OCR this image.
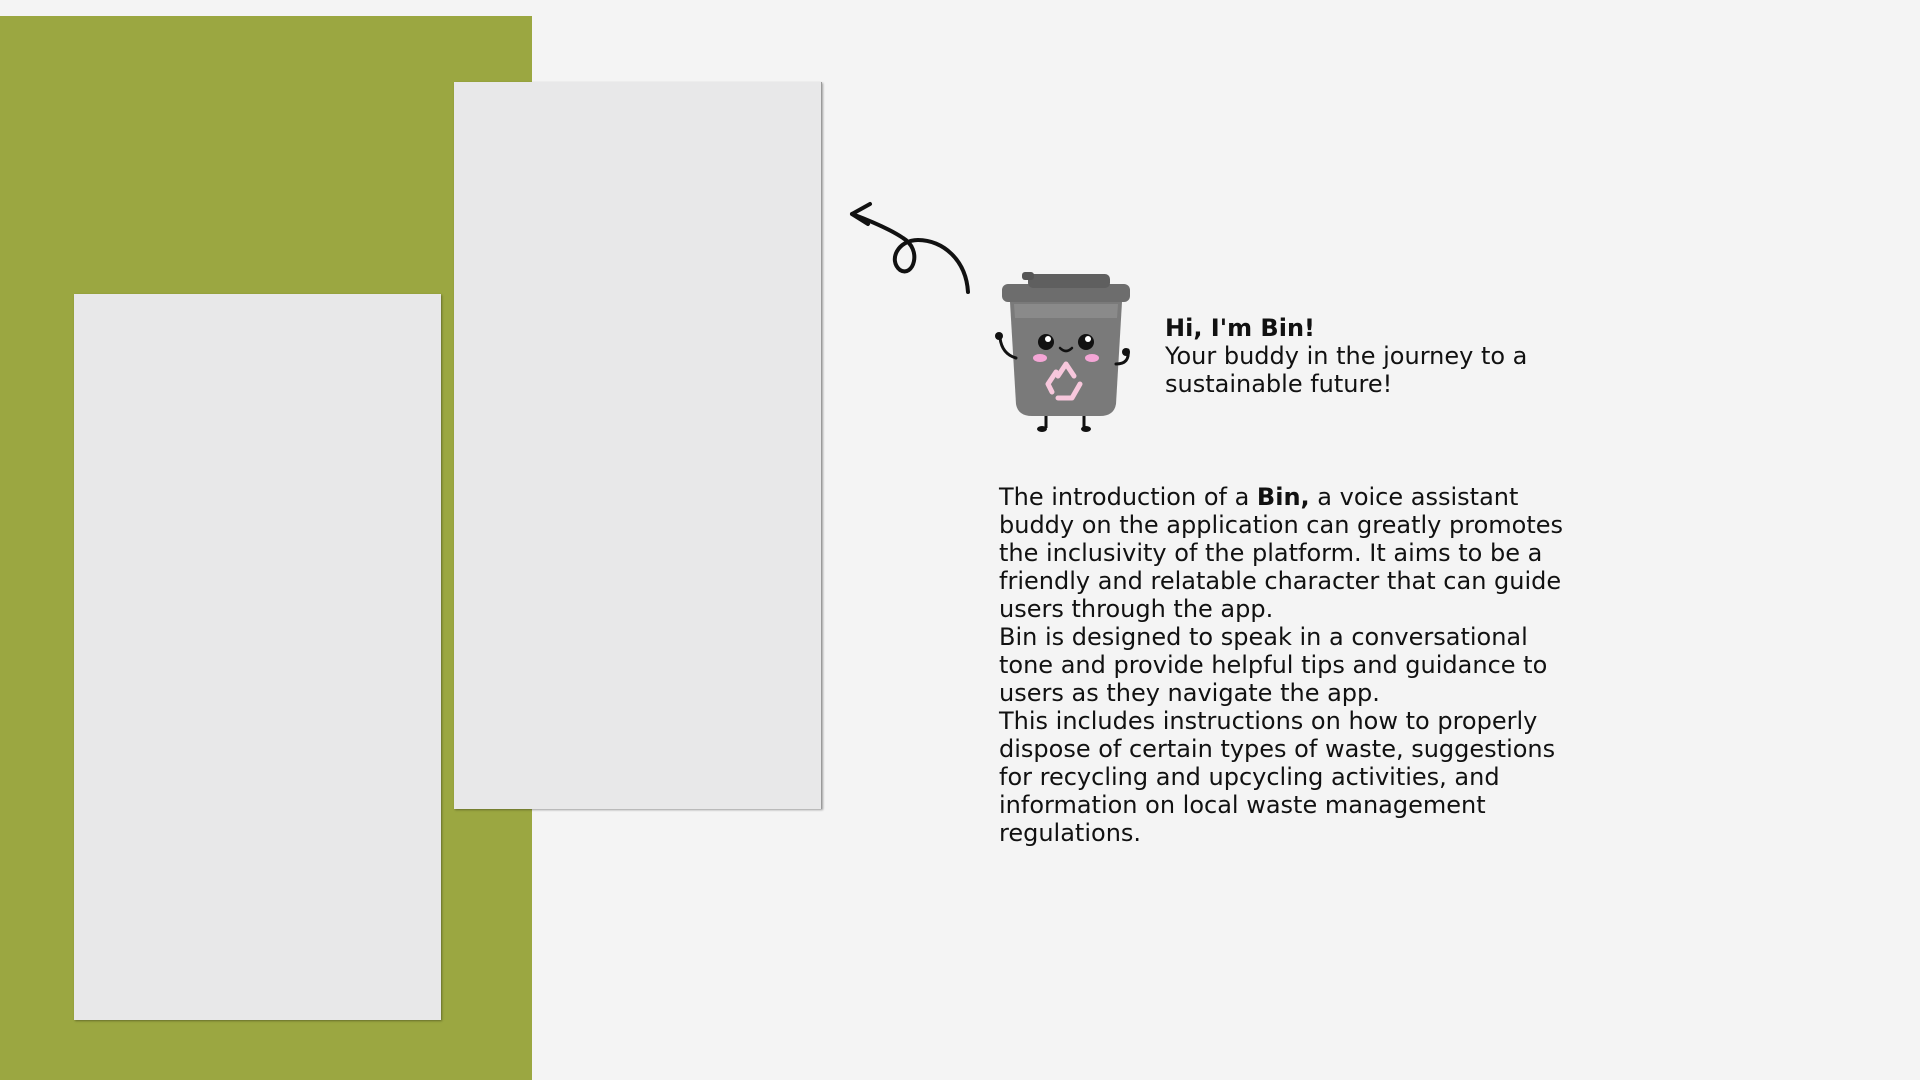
Hi, I'm Bin!
Your buddy in the journey to a sustainable future!

The introduction of a Bin, a voice assistant buddy on the application can greatly promotes the inclusivity of the platform. It aims to be a friendly and relatable character that can guide users through the app.

Bin is designed to speak in a conversational tone and provide helpful tips and guidance to users as they navigate the app.

This includes instructions on how to properly dispose of certain types of waste, suggestions for recycling and upcycling activities, and information on local waste management regulations.
